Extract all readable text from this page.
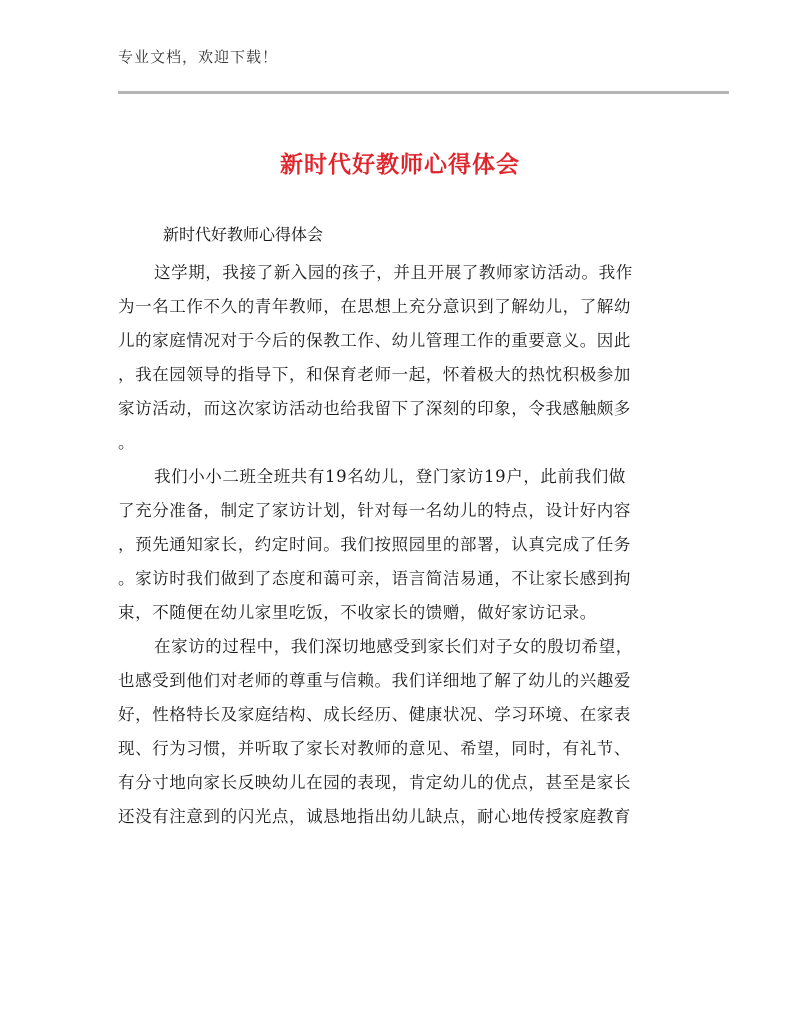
专业文档，欢迎下载！
新时代好教师心得体会
新时代好教师心得体会
这学期，我接了新入园的孩子，并且开展了教师家访活动。我作
为一名工作不久的青年教师，在思想上充分意识到了解幼儿，了解幼
儿的家庭情况对于今后的保教工作、幼儿管理工作的重要意义。因此
，我在园领导的指导下，和保育老师一起，怀着极大的热忱积极参加
家访活动，而这次家访活动也给我留下了深刻的印象，令我感触颇多
。
我们小小二班全班共有19名幼儿，登门家访19户，此前我们做
了充分准备，制定了家访计划，针对每一名幼儿的特点，设计好内容
，预先通知家长，约定时间。我们按照园里的部署，认真完成了任务
。家访时我们做到了态度和蔼可亲，语言简洁易通，不让家长感到拘
束，不随便在幼儿家里吃饭，不收家长的馈赠，做好家访记录。
在家访的过程中，我们深切地感受到家长们对子女的殷切希望，
也感受到他们对老师的尊重与信赖。我们详细地了解了幼儿的兴趣爱
好，性格特长及家庭结构、成长经历、健康状况、学习环境、在家表
现、行为习惯，并听取了家长对教师的意见、希望，同时，有礼节、
有分寸地向家长反映幼儿在园的表现，肯定幼儿的优点，甚至是家长
还没有注意到的闪光点，诚恳地指出幼儿缺点，耐心地传授家庭教育
